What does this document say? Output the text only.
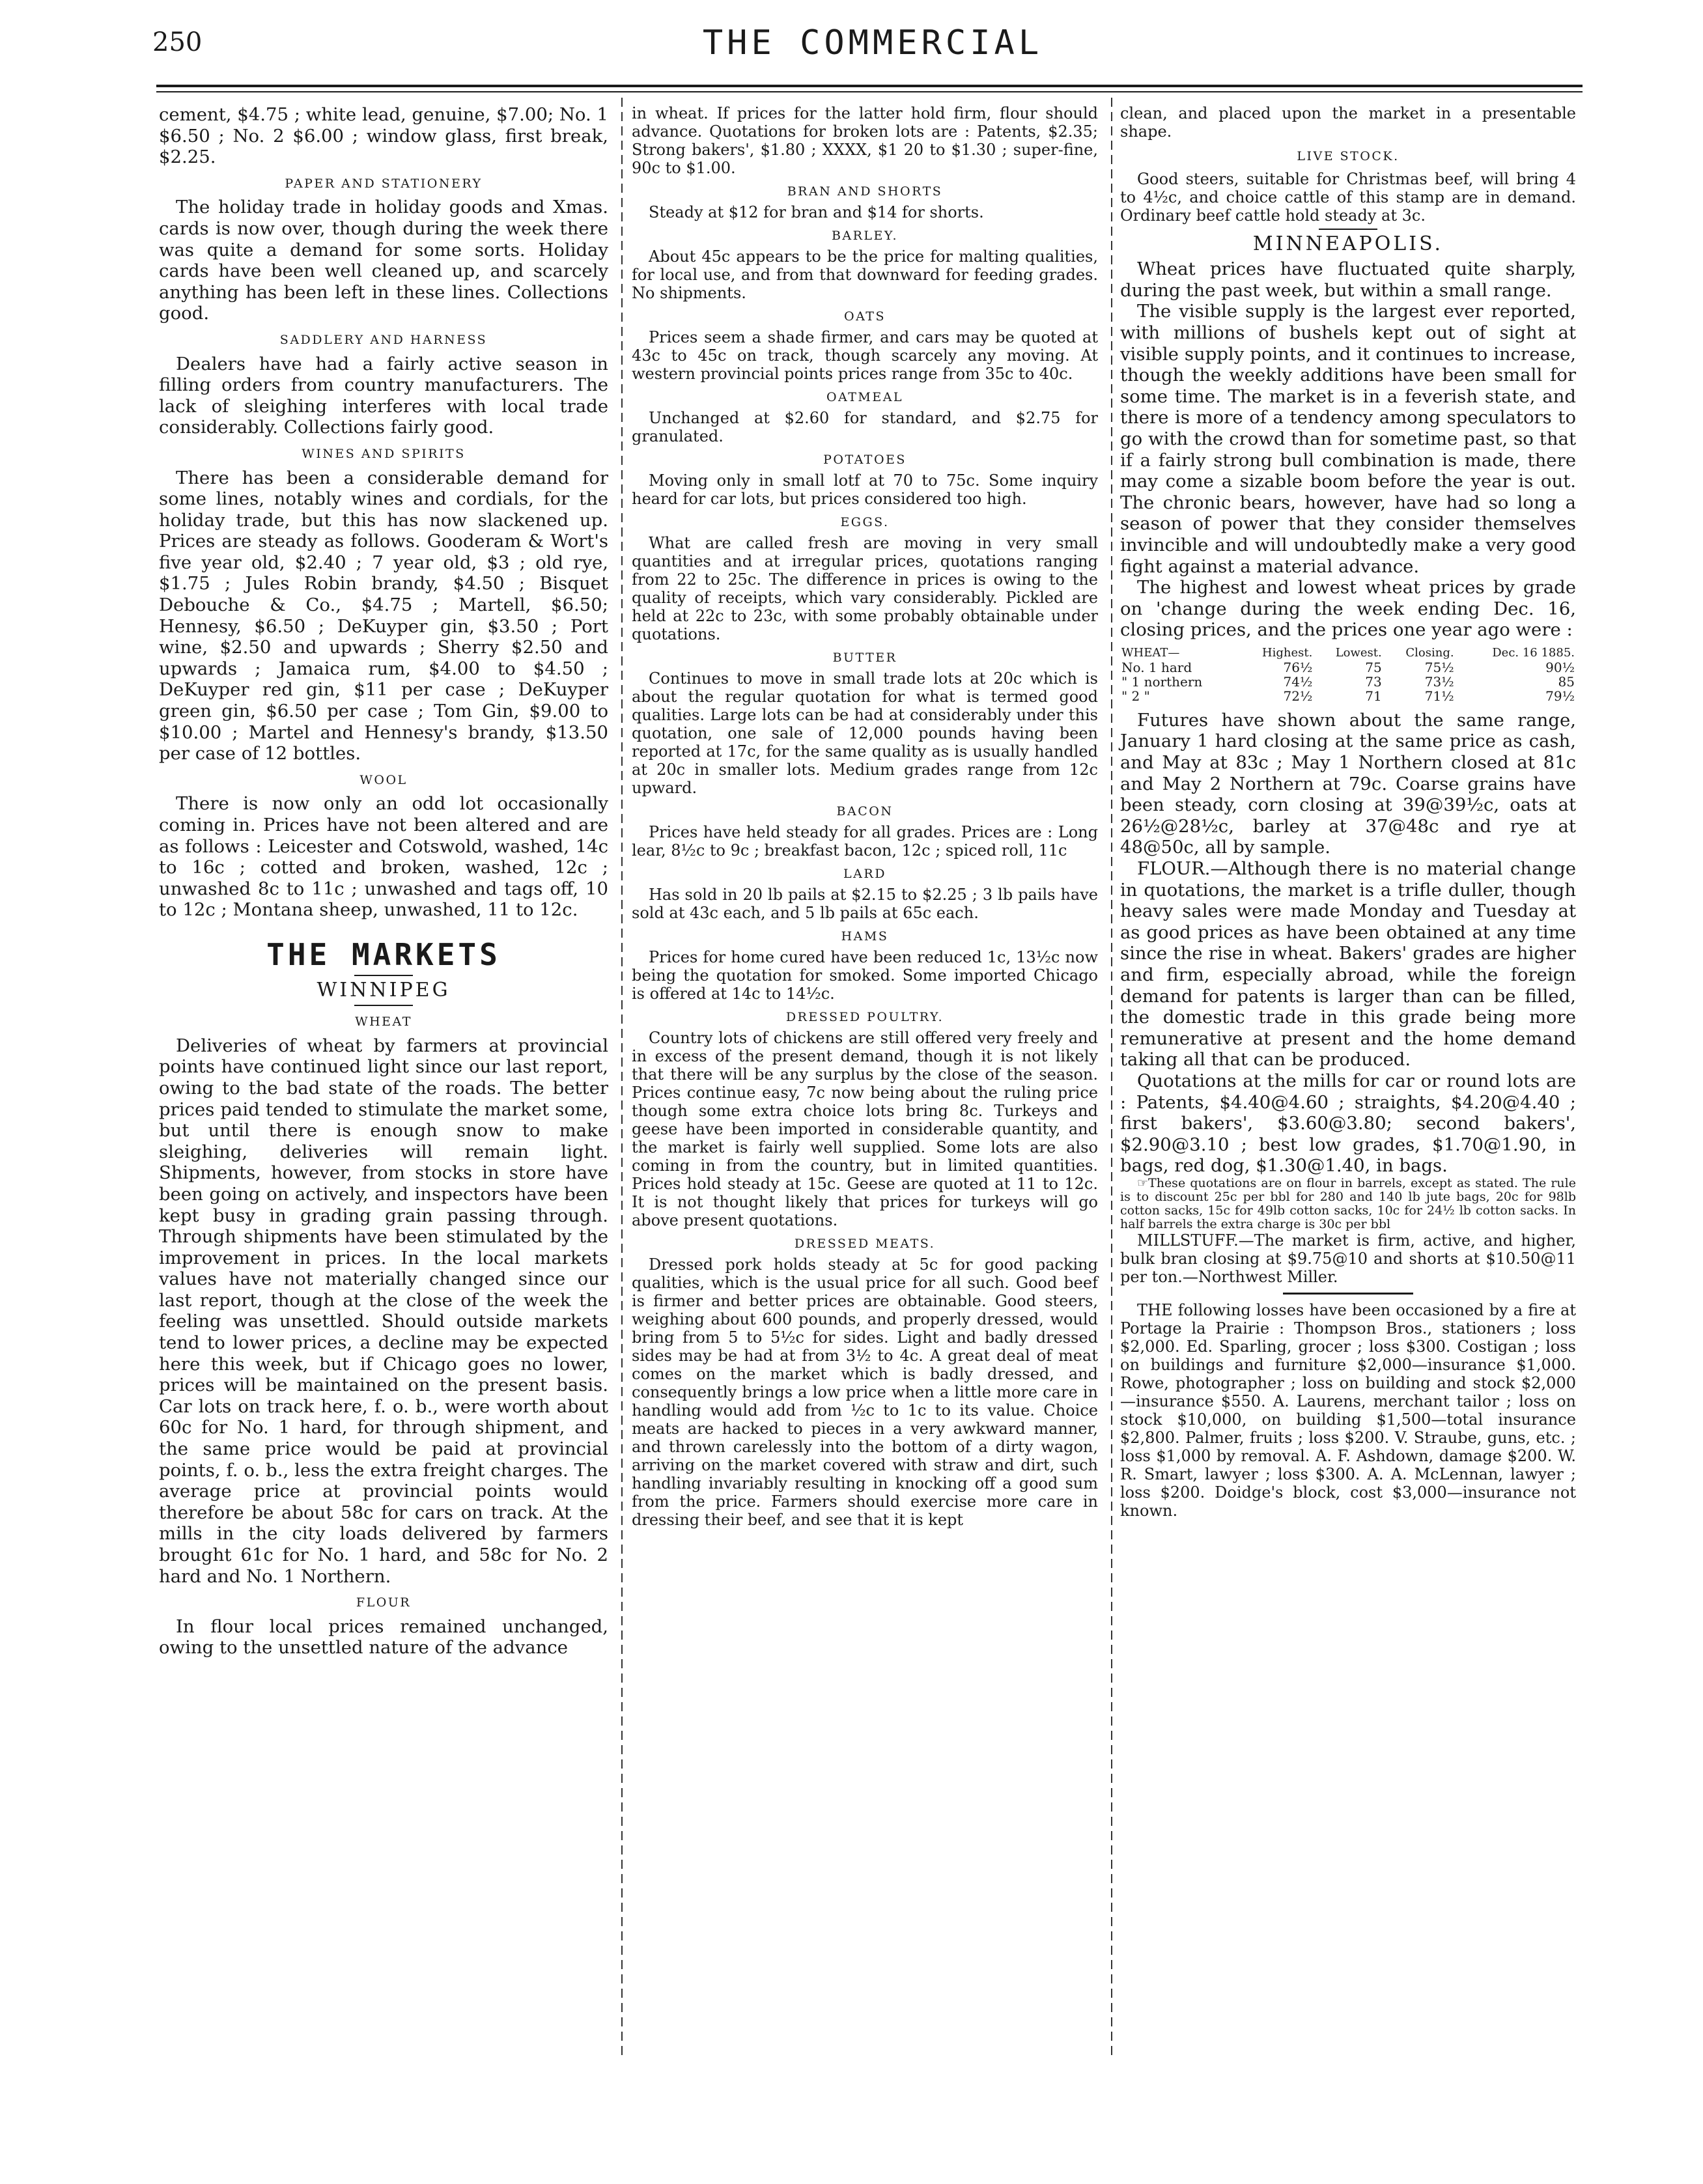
250	THE COMMERCIAL

cement, $4.75 ; white lead, genuine, $7.00; No. 1 $6.50 ; No. 2 $6.00 ; window glass, first break, $2.25.

PAPER AND STATIONERY

The holiday trade in holiday goods and Xmas. cards is now over, though during the week there was quite a demand for some sorts. Holiday cards have been well cleaned up, and scarcely anything has been left in these lines. Collections good.

SADDLERY AND HARNESS

Dealers have had a fairly active season in filling orders from country manufacturers. The lack of sleighing interferes with local trade considerably. Collections fairly good.

WINES AND SPIRITS

There has been a considerable demand for some lines, notably wines and cordials, for the holiday trade, but this has now slackened up. Prices are steady as follows. Gooderam & Wort's five year old, $2.40 ; 7 year old, $3 ; old rye, $1.75 ; Jules Robin brandy, $4.50 ; Bisquet Debouche & Co., $4.75 ; Martell, $6.50; Hennesy, $6.50 ; DeKuyper gin, $3.50 ; Port wine, $2.50 and upwards ; Sherry $2.50 and upwards ; Jamaica rum, $4.00 to $4.50 ; DeKuyper red gin, $11 per case ; DeKuyper green gin, $6.50 per case ; Tom Gin, $9.00 to $10.00 ; Martel and Hennesy's brandy, $13.50 per case of 12 bottles.

WOOL

There is now only an odd lot occasionally coming in. Prices have not been altered and are as follows : Leicester and Cotswold, washed, 14c to 16c ; cotted and broken, washed, 12c ; unwashed 8c to 11c ; unwashed and tags off, 10 to 12c ; Montana sheep, unwashed, 11 to 12c.

THE MARKETS
WINNIPEG
WHEAT

Deliveries of wheat by farmers at provincial points have continued light since our last report, owing to the bad state of the roads. The better prices paid tended to stimulate the market some, but until there is enough snow to make sleighing, deliveries will remain light. Shipments, however, from stocks in store have been going on actively, and inspectors have been kept busy in grading grain passing through. Through shipments have been stimulated by the improvement in prices. In the local markets values have not materially changed since our last report, though at the close of the week the feeling was unsettled. Should outside markets tend to lower prices, a decline may be expected here this week, but if Chicago goes no lower, prices will be maintained on the present basis. Car lots on track here, f. o. b., were worth about 60c for No. 1 hard, for through shipment, and the same price would be paid at provincial points, f. o. b., less the extra freight charges. The average price at provincial points would therefore be about 58c for cars on track. At the mills in the city loads delivered by farmers brought 61c for No. 1 hard, and 58c for No. 2 hard and No. 1 Northern.

FLOUR

In flour local prices remained unchanged, owing to the unsettled nature of the advance

in wheat. If prices for the latter hold firm, flour should advance. Quotations for broken lots are : Patents, $2.35; Strong bakers', $1.80 ; XXXX, $1 20 to $1.30 ; super-fine, 90c to $1.00.

BRAN AND SHORTS

Steady at $12 for bran and $14 for shorts.

BARLEY.

About 45c appears to be the price for malting qualities, for local use, and from that downward for feeding grades. No shipments.

OATS

Prices seem a shade firmer, and cars may be quoted at 43c to 45c on track, though scarcely any moving. At western provincial points prices range from 35c to 40c.

OATMEAL

Unchanged at $2.60 for standard, and $2.75 for granulated.

POTATOES

Moving only in small lotf at 70 to 75c. Some inquiry heard for car lots, but prices considered too high.

EGGS.

What are called fresh are moving in very small quantities and at irregular prices, quotations ranging from 22 to 25c. The difference in prices is owing to the quality of receipts, which vary considerably. Pickled are held at 22c to 23c, with some probably obtainable under quotations.

BUTTER

Continues to move in small trade lots at 20c which is about the regular quotation for what is termed good qualities. Large lots can be had at considerably under this quotation, one sale of 12,000 pounds having been reported at 17c, for the same quality as is usually handled at 20c in smaller lots. Medium grades range from 12c upward.

BACON

Prices have held steady for all grades. Prices are : Long lear, 8½c to 9c ; breakfast bacon, 12c ; spiced roll, 11c

LARD

Has sold in 20 lb pails at $2.15 to $2.25 ; 3 lb pails have sold at 43c each, and 5 lb pails at 65c each.

HAMS

Prices for home cured have been reduced 1c, 13½c now being the quotation for smoked. Some imported Chicago is offered at 14c to 14½c.

DRESSED POULTRY.

Country lots of chickens are still offered very freely and in excess of the present demand, though it is not likely that there will be any surplus by the close of the season. Prices continue easy, 7c now being about the ruling price though some extra choice lots bring 8c. Turkeys and geese have been imported in considerable quantity, and the market is fairly well supplied. Some lots are also coming in from the country, but in limited quantities. Prices hold steady at 15c. Geese are quoted at 11 to 12c. It is not thought likely that prices for turkeys will go above present quotations.

DRESSED MEATS.

Dressed pork holds steady at 5c for good packing qualities, which is the usual price for all such. Good beef is firmer and better prices are obtainable. Good steers, weighing about 600 pounds, and properly dressed, would bring from 5 to 5½c for sides. Light and badly dressed sides may be had at from 3½ to 4c. A great deal of meat comes on the market which is badly dressed, and consequently brings a low price when a little more care in handling would add from ½c to 1c to its value. Choice meats are hacked to pieces in a very awkward manner, and thrown carelessly into the bottom of a dirty wagon, arriving on the market covered with straw and dirt, such handling invariably resulting in knocking off a good sum from the price. Farmers should exercise more care in dressing their beef, and see that it is kept

clean, and placed upon the market in a presentable shape.

LIVE STOCK.

Good steers, suitable for Christmas beef, will bring 4 to 4½c, and choice cattle of this stamp are in demand. Ordinary beef cattle hold steady at 3c.

MINNEAPOLIS.

Wheat prices have fluctuated quite sharply, during the past week, but within a small range.

The visible supply is the largest ever reported, with millions of bushels kept out of sight at visible supply points, and it continues to increase, though the weekly additions have been small for some time. The market is in a feverish state, and there is more of a tendency among speculators to go with the crowd than for sometime past, so that if a fairly strong bull combination is made, there may come a sizable boom before the year is out. The chronic bears, however, have had so long a season of power that they consider themselves invincible and will undoubtedly make a very good fight against a material advance.

The highest and lowest wheat prices by grade on 'change during the week ending Dec. 16, closing prices, and the prices one year ago were :

WHEAT—	Highest.	Lowest.	Closing.	Dec. 16 1885.
No. 1 hard	76½	75	75½	90½
" 1 northern	74½	73	73½	85
" 2 "	72½	71	71½	79½

Futures have shown about the same range, January 1 hard closing at the same price as cash, and May at 83c ; May 1 Northern closed at 81c and May 2 Northern at 79c. Coarse grains have been steady, corn closing at 39@39½c, oats at 26½@28½c, barley at 37@48c and rye at 48@50c, all by sample.

FLOUR.—Although there is no material change in quotations, the market is a trifle duller, though heavy sales were made Monday and Tuesday at as good prices as have been obtained at any time since the rise in wheat. Bakers' grades are higher and firm, especially abroad, while the foreign demand for patents is larger than can be filled, the domestic trade in this grade being more remunerative at present and the home demand taking all that can be produced.

Quotations at the mills for car or round lots are : Patents, $4.40@4.60 ; straights, $4.20@4.40 ; first bakers', $3.60@3.80; second bakers', $2.90@3.10 ; best low grades, $1.70@1.90, in bags, red dog, $1.30@1.40, in bags.

☞These quotations are on flour in barrels, except as stated. The rule is to discount 25c per bbl for 280 and 140 lb jute bags, 20c for 98lb cotton sacks, 15c for 49lb cotton sacks, 10c for 24½ lb cotton sacks. In half barrels the extra charge is 30c per bbl

MILLSTUFF.—The market is firm, active, and higher, bulk bran closing at $9.75@10 and shorts at $10.50@11 per ton.—Northwest Miller.

THE following losses have been occasioned by a fire at Portage la Prairie : Thompson Bros., stationers ; loss $2,000. Ed. Sparling, grocer ; loss $300. Costigan ; loss on buildings and furniture $2,000—insurance $1,000. Rowe, photographer ; loss on building and stock $2,000—insurance $550. A. Laurens, merchant tailor ; loss on stock $10,000, on building $1,500—total insurance $2,800. Palmer, fruits ; loss $200. V. Straube, guns, etc. ; loss $1,000 by removal. A. F. Ashdown, damage $200. W. R. Smart, lawyer ; loss $300. A. A. McLennan, lawyer ; loss $200. Doidge's block, cost $3,000—insurance not known.
